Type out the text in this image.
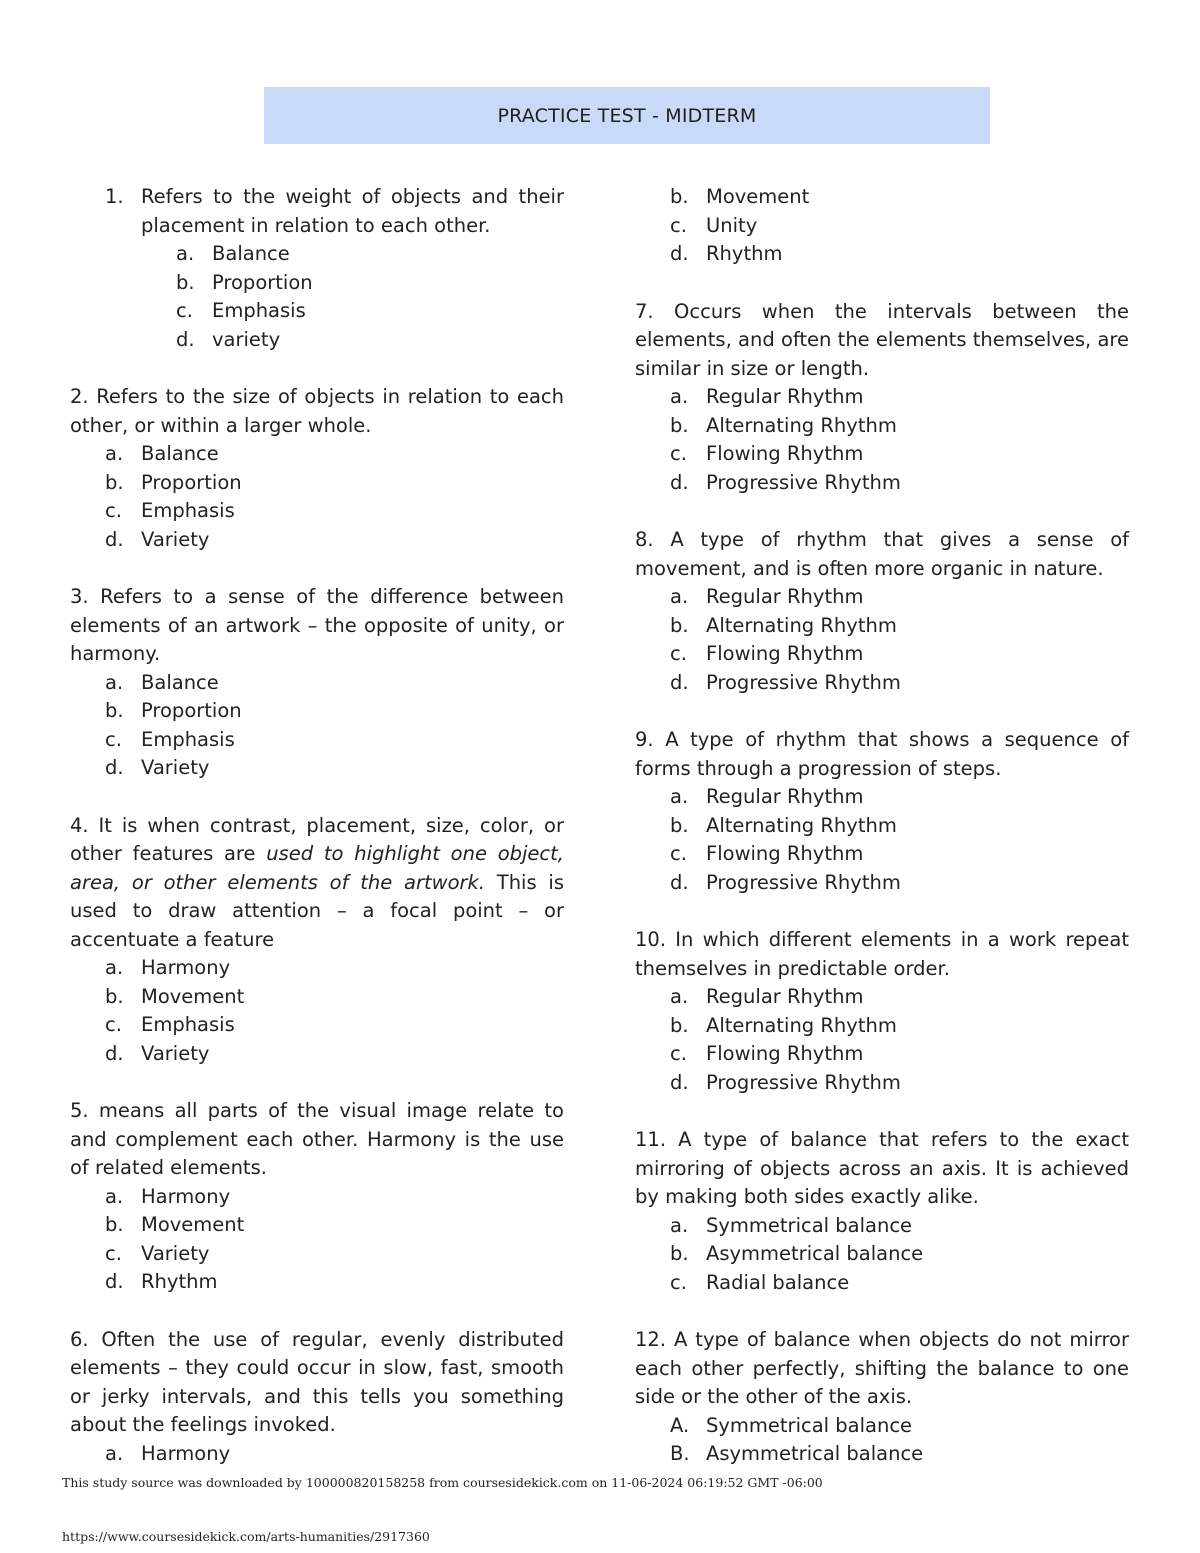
PRACTICE TEST - MIDTERM
1. Refers to the weight of objects and their placement in relation to each other.
a. Balance
b. Proportion
c. Emphasis
d. variety
2. Refers to the size of objects in relation to each other, or within a larger whole.
a. Balance
b. Proportion
c. Emphasis
d. Variety
3. Refers to a sense of the difference between elements of an artwork – the opposite of unity, or harmony.
a. Balance
b. Proportion
c. Emphasis
d. Variety
4. It is when contrast, placement, size, color, or other features are used to highlight one object, area, or other elements of the artwork. This is used to draw attention – a focal point – or accentuate a feature
a. Harmony
b. Movement
c. Emphasis
d. Variety
5. means all parts of the visual image relate to and complement each other. Harmony is the use of related elements.
a. Harmony
b. Movement
c. Variety
d. Rhythm
6. Often the use of regular, evenly distributed elements – they could occur in slow, fast, smooth or jerky intervals, and this tells you something about the feelings invoked.
a. Harmony
b. Movement
c. Unity
d. Rhythm
7. Occurs when the intervals between the elements, and often the elements themselves, are similar in size or length.
a. Regular Rhythm
b. Alternating Rhythm
c. Flowing Rhythm
d. Progressive Rhythm
8. A type of rhythm that gives a sense of movement, and is often more organic in nature.
a. Regular Rhythm
b. Alternating Rhythm
c. Flowing Rhythm
d. Progressive Rhythm
9. A type of rhythm that shows a sequence of forms through a progression of steps.
a. Regular Rhythm
b. Alternating Rhythm
c. Flowing Rhythm
d. Progressive Rhythm
10. In which different elements in a work repeat themselves in predictable order.
a. Regular Rhythm
b. Alternating Rhythm
c. Flowing Rhythm
d. Progressive Rhythm
11. A type of balance that refers to the exact mirroring of objects across an axis. It is achieved by making both sides exactly alike.
a. Symmetrical balance
b. Asymmetrical balance
c. Radial balance
12. A type of balance when objects do not mirror each other perfectly, shifting the balance to one side or the other of the axis.
A. Symmetrical balance
B. Asymmetrical balance
This study source was downloaded by 100000820158258 from coursesidekick.com on 11-06-2024 06:19:52 GMT -06:00
https://www.coursesidekick.com/arts-humanities/2917360
